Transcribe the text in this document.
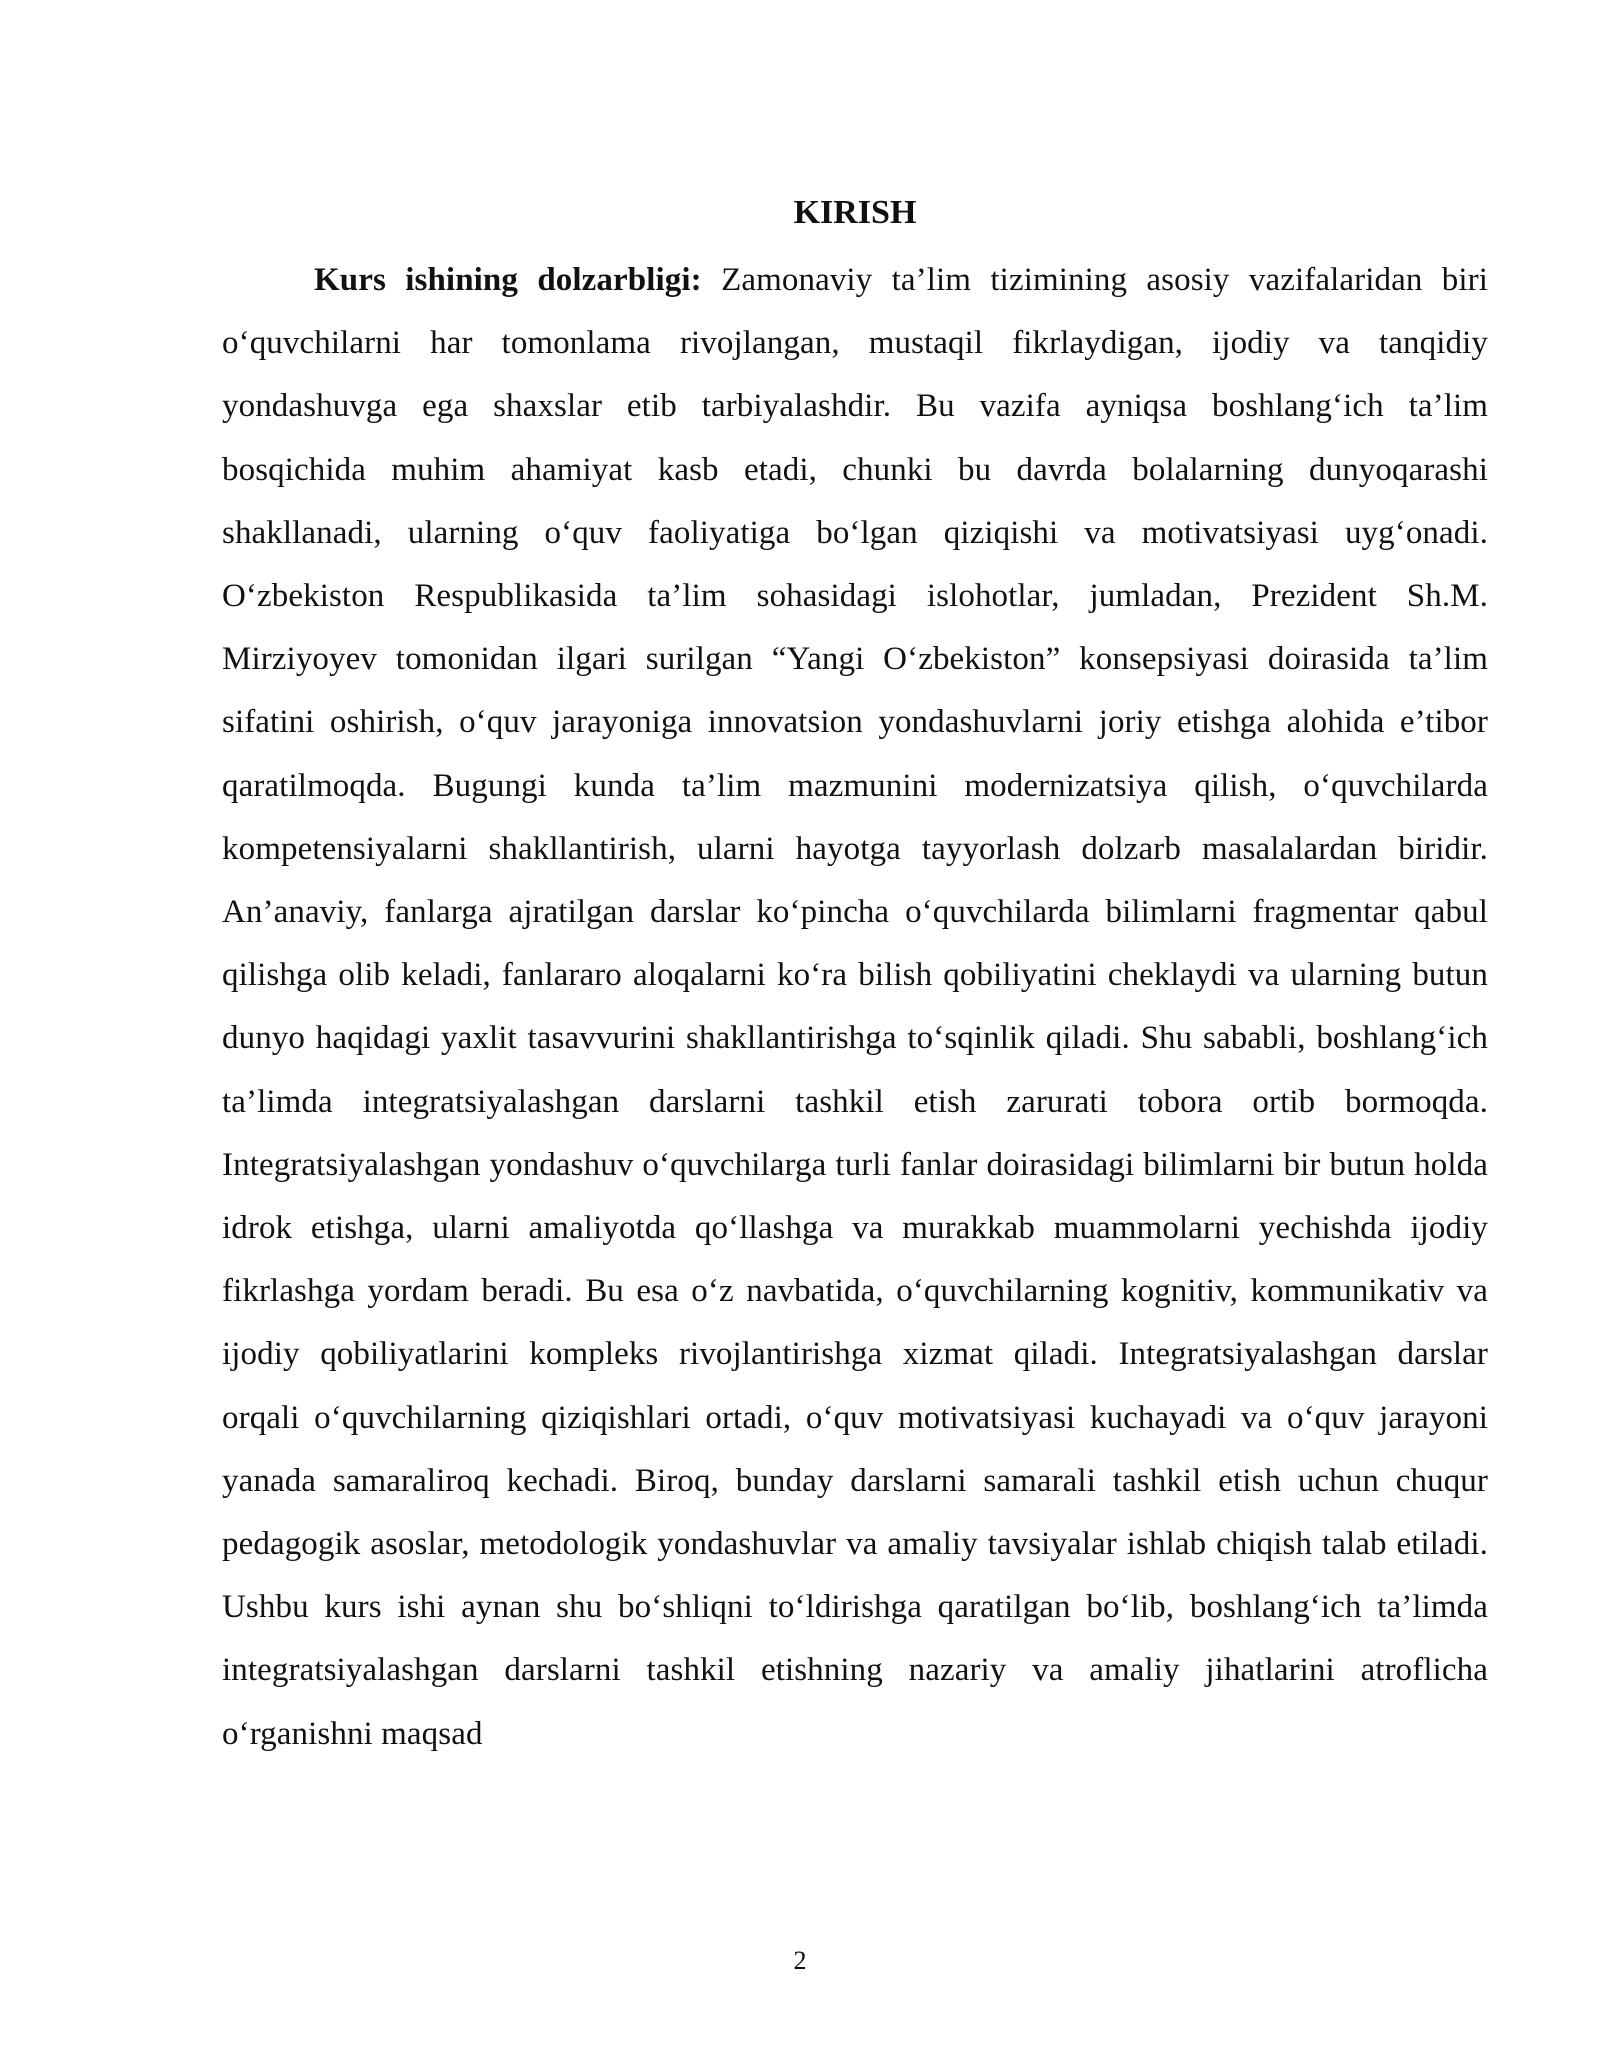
KIRISH

Kurs ishining dolzarbligi: Zamonaviy ta’lim tizimining asosiy vazifalaridan biri o‘quvchilarni har tomonlama rivojlangan, mustaqil fikrlaydigan, ijodiy va tanqidiy yondashuvga ega shaxslar etib tarbiyalashdir. Bu vazifa ayniqsa boshlang‘ich ta’lim bosqichida muhim ahamiyat kasb etadi, chunki bu davrda bolalarning dunyoqarashi shakllanadi, ularning o‘quv faoliyatiga bo‘lgan qiziqishi va motivatsiyasi uyg‘onadi. O‘zbekiston Respublikasida ta’lim sohasidagi islohotlar, jumladan, Prezident Sh.M. Mirziyoyev tomonidan ilgari surilgan “Yangi O‘zbekiston” konsepsiyasi doirasida ta’lim sifatini oshirish, o‘quv jarayoniga innovatsion yondashuvlarni joriy etishga alohida e’tibor qaratilmoqda. Bugungi kunda ta’lim mazmunini modernizatsiya qilish, o‘quvchilarda kompetensiyalarni shakllantirish, ularni hayotga tayyorlash dolzarb masalalardan biridir. An’anaviy, fanlarga ajratilgan darslar ko‘pincha o‘quvchilarda bilimlarni fragmentar qabul qilishga olib keladi, fanlararo aloqalarni ko‘ra bilish qobiliyatini cheklaydi va ularning butun dunyo haqidagi yaxlit tasavvurini shakllantirishga to‘sqinlik qiladi. Shu sababli, boshlang‘ich ta’limda integratsiyalashgan darslarni tashkil etish zarurati tobora ortib bormoqda. Integratsiyalashgan yondashuv o‘quvchilarga turli fanlar doirasidagi bilimlarni bir butun holda idrok etishga, ularni amaliyotda qo‘llashga va murakkab muammolarni yechishda ijodiy fikrlashga yordam beradi. Bu esa o‘z navbatida, o‘quvchilarning kognitiv, kommunikativ va ijodiy qobiliyatlarini kompleks rivojlantirishga xizmat qiladi. Integratsiyalashgan darslar orqali o‘quvchilarning qiziqishlari ortadi, o‘quv motivatsiyasi kuchayadi va o‘quv jarayoni yanada samaraliroq kechadi. Biroq, bunday darslarni samarali tashkil etish uchun chuqur pedagogik asoslar, metodologik yondashuvlar va amaliy tavsiyalar ishlab chiqish talab etiladi. Ushbu kurs ishi aynan shu bo‘shliqni to‘ldirishga qaratilgan bo‘lib, boshlang‘ich ta’limda integratsiyalashgan darslarni tashkil etishning nazariy va amaliy jihatlarini atroflicha o‘rganishni maqsad

2
